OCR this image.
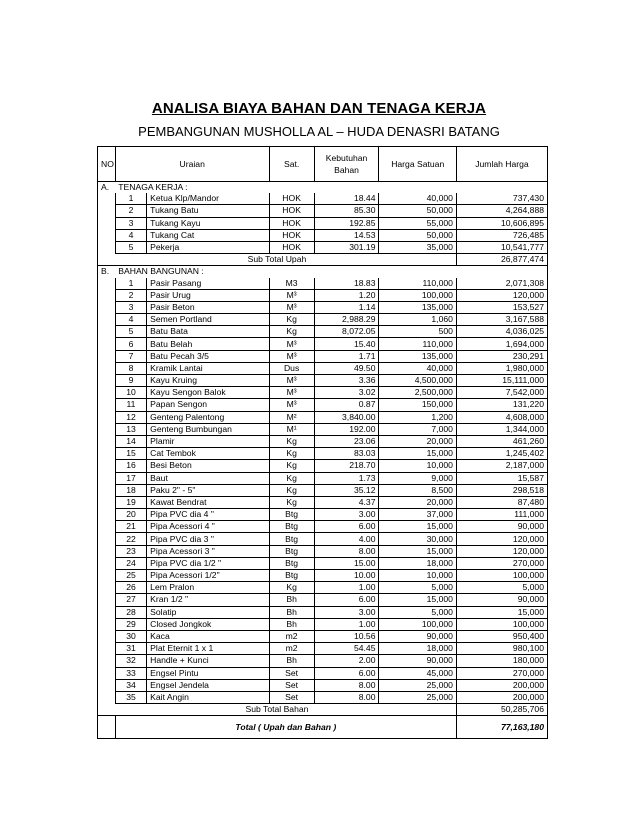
ANALISA BIAYA BAHAN DAN TENAGA KERJA
PEMBANGUNAN MUSHOLLA AL – HUDA DENASRI BATANG
NO	Uraian		Sat.	Kebutuhan Bahan	Harga Satuan	Jumlah Harga
A.	TENAGA KERJA :					
	1	Ketua Klp/Mandor	HOK	18.44	40,000	737,430
	2	Tukang Batu	HOK	85.30	50,000	4,264,888
	3	Tukang Kayu	HOK	192.85	55,000	10,606,895
	4	Tukang Cat	HOK	14.53	50,000	726,485
	5	Pekerja	HOK	301.19	35,000	10,541,777
Sub Total Upah						26,877,474
B.	BAHAN BANGUNAN :					
	1	Pasir Pasang	M3	18.83	110,000	2,071,308
	2	Pasir Urug	M³	1.20	100,000	120,000
	3	Pasir Beton	M³	1.14	135,000	153,527
	4	Semen Portland	Kg	2,988.29	1,060	3,167,588
	5	Batu Bata	Kg	8,072.05	500	4,036,025
	6	Batu Belah	M³	15.40	110,000	1,694,000
	7	Batu Pecah 3/5	M³	1.71	135,000	230,291
	8	Kramik Lantai	Dus	49.50	40,000	1,980,000
	9	Kayu Kruing	M³	3.36	4,500,000	15,111,000
	10	Kayu Sengon Balok	M³	3.02	2,500,000	7,542,000
	11	Papan Sengon	M³	0.87	150,000	131,220
	12	Genteng Palentong	M²	3,840.00	1,200	4,608,000
	13	Genteng Bumbungan	M¹	192.00	7,000	1,344,000
	14	Plamir	Kg	23.06	20,000	461,260
	15	Cat Tembok	Kg	83.03	15,000	1,245,402
	16	Besi Beton	Kg	218.70	10,000	2,187,000
	17	Baut	Kg	1.73	9,000	15,587
	18	Paku 2" - 5"	Kg	35.12	8,500	298,518
	19	Kawat Bendrat	Kg	4.37	20,000	87,480
	20	Pipa PVC dia 4 "	Btg	3.00	37,000	111,000
	21	Pipa Acessori 4 "	Btg	6.00	15,000	90,000
	22	Pipa PVC dia 3 "	Btg	4.00	30,000	120,000
	23	Pipa Acessori 3 "	Btg	8.00	15,000	120,000
	24	Pipa PVC dia 1/2 "	Btg	15.00	18,000	270,000
	25	Pipa Acessori 1/2"	Btg	10.00	10,000	100,000
	26	Lem Pralon	Kg	1.00	5,000	5,000
	27	Kran 1/2 "	Bh	6.00	15,000	90,000
	28	Solatip	Bh	3.00	5,000	15,000
	29	Closed Jongkok	Bh	1.00	100,000	100,000
	30	Kaca	m2	10.56	90,000	950,400
	31	Plat Eternit 1 x 1	m2	54.45	18,000	980,100
	32	Handle + Kunci	Bh	2.00	90,000	180,000
	33	Engsel Pintu	Set	6.00	45,000	270,000
	34	Engsel Jendela	Set	8.00	25,000	200,000
	35	Kait Angin	Set	8.00	25,000	200,000
Sub Total Bahan						50,285,706
	Total ( Upah dan Bahan )					77,163,180
